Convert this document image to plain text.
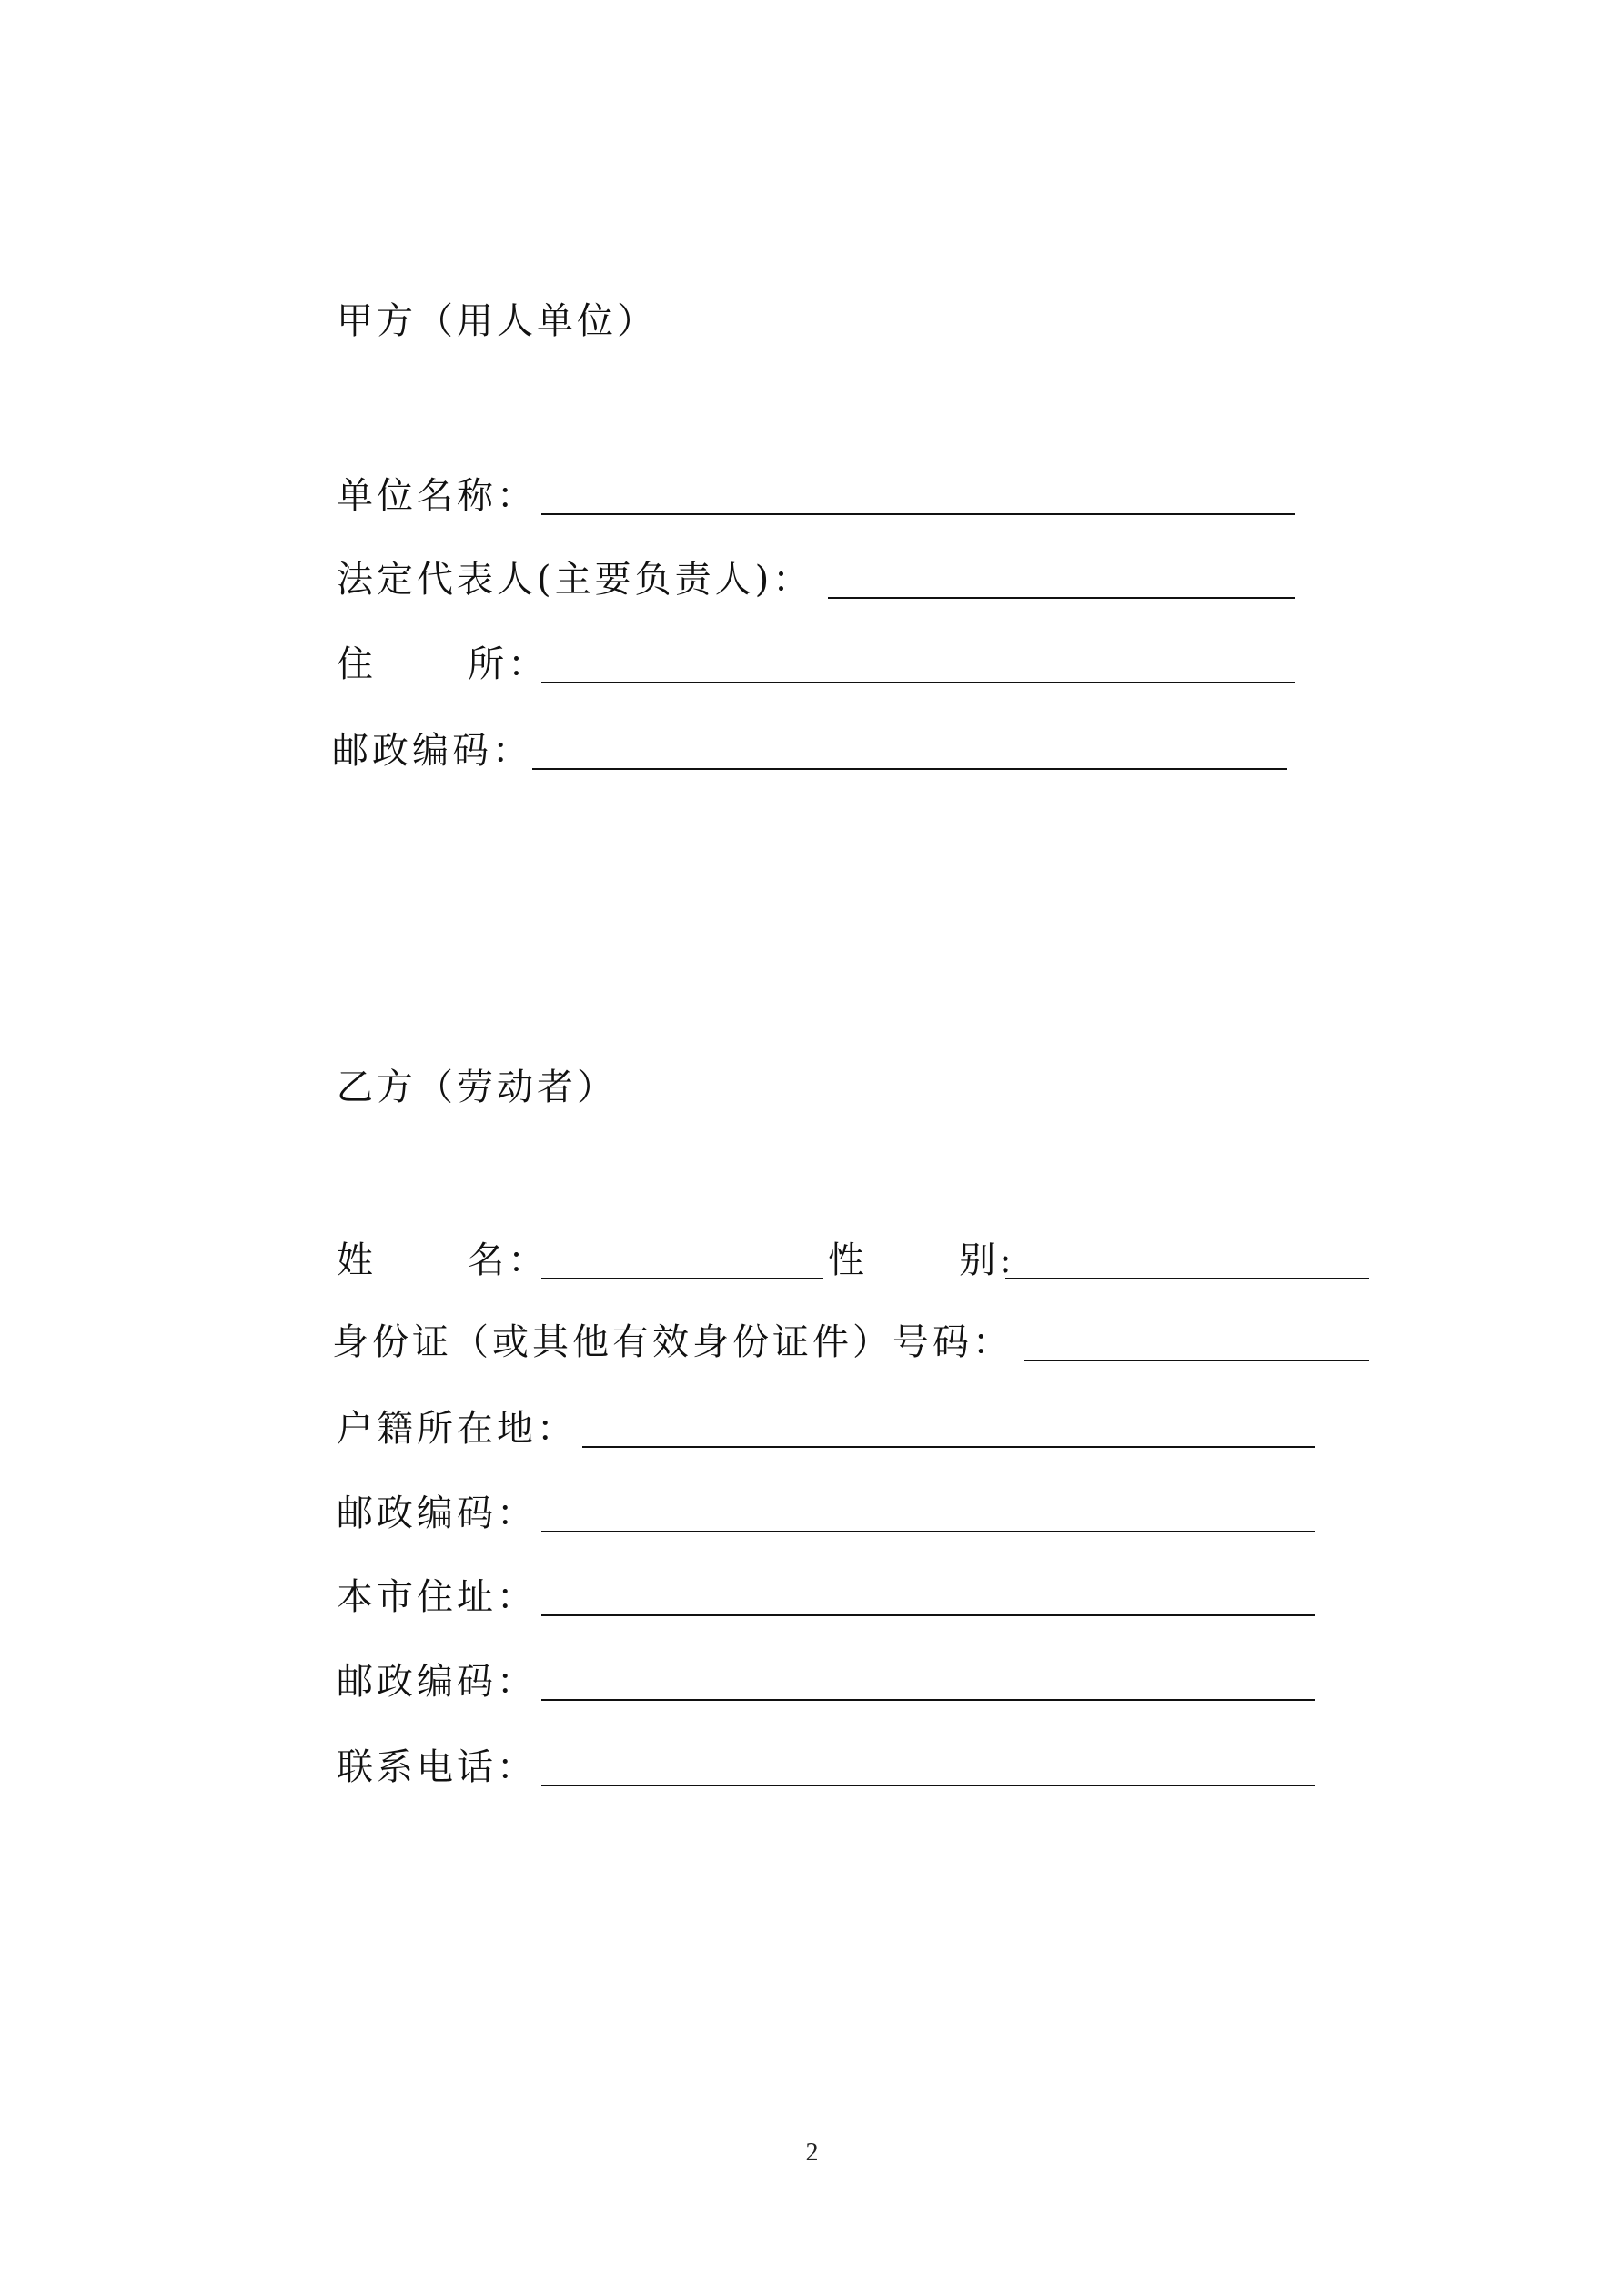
甲方（用人单位）
单位名称：
法定代表人(主要负责人)：
住      所：
邮政编码：
乙方（劳动者）
姓      名：	性      别:
身份证（或其他有效身份证件）号码：
户籍所在地：
邮政编码：
本市住址：
邮政编码：
联系电话：
2
